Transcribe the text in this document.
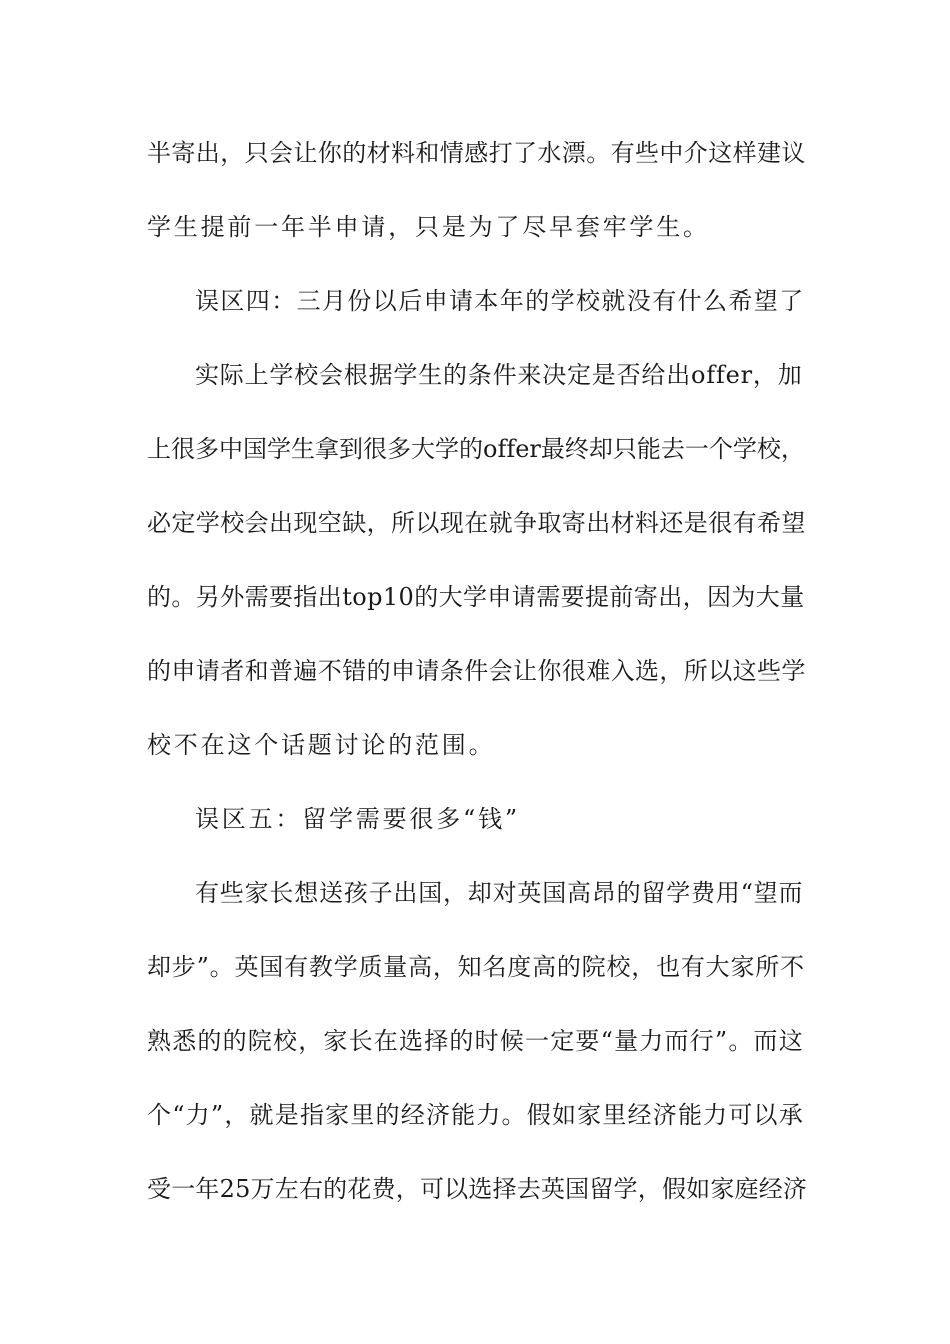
半寄出，只会让你的材料和情感打了水漂。有些中介这样建议

学生提前一年半申请，只是为了尽早套牢学生。

误区四：三月份以后申请本年的学校就没有什么希望了

实际上学校会根据学生的条件来决定是否给出offer，加

上很多中国学生拿到很多大学的offer最终却只能去一个学校，

必定学校会出现空缺，所以现在就争取寄出材料还是很有希望

的。另外需要指出top10的大学申请需要提前寄出，因为大量

的申请者和普遍不错的申请条件会让你很难入选，所以这些学

校不在这个话题讨论的范围。

误区五：留学需要很多“钱”

有些家长想送孩子出国，却对英国高昂的留学费用“望而

却步”。英国有教学质量高，知名度高的院校，也有大家所不

熟悉的的院校，家长在选择的时候一定要“量力而行”。而这

个“力”，就是指家里的经济能力。假如家里经济能力可以承

受一年25万左右的花费，可以选择去英国留学，假如家庭经济
